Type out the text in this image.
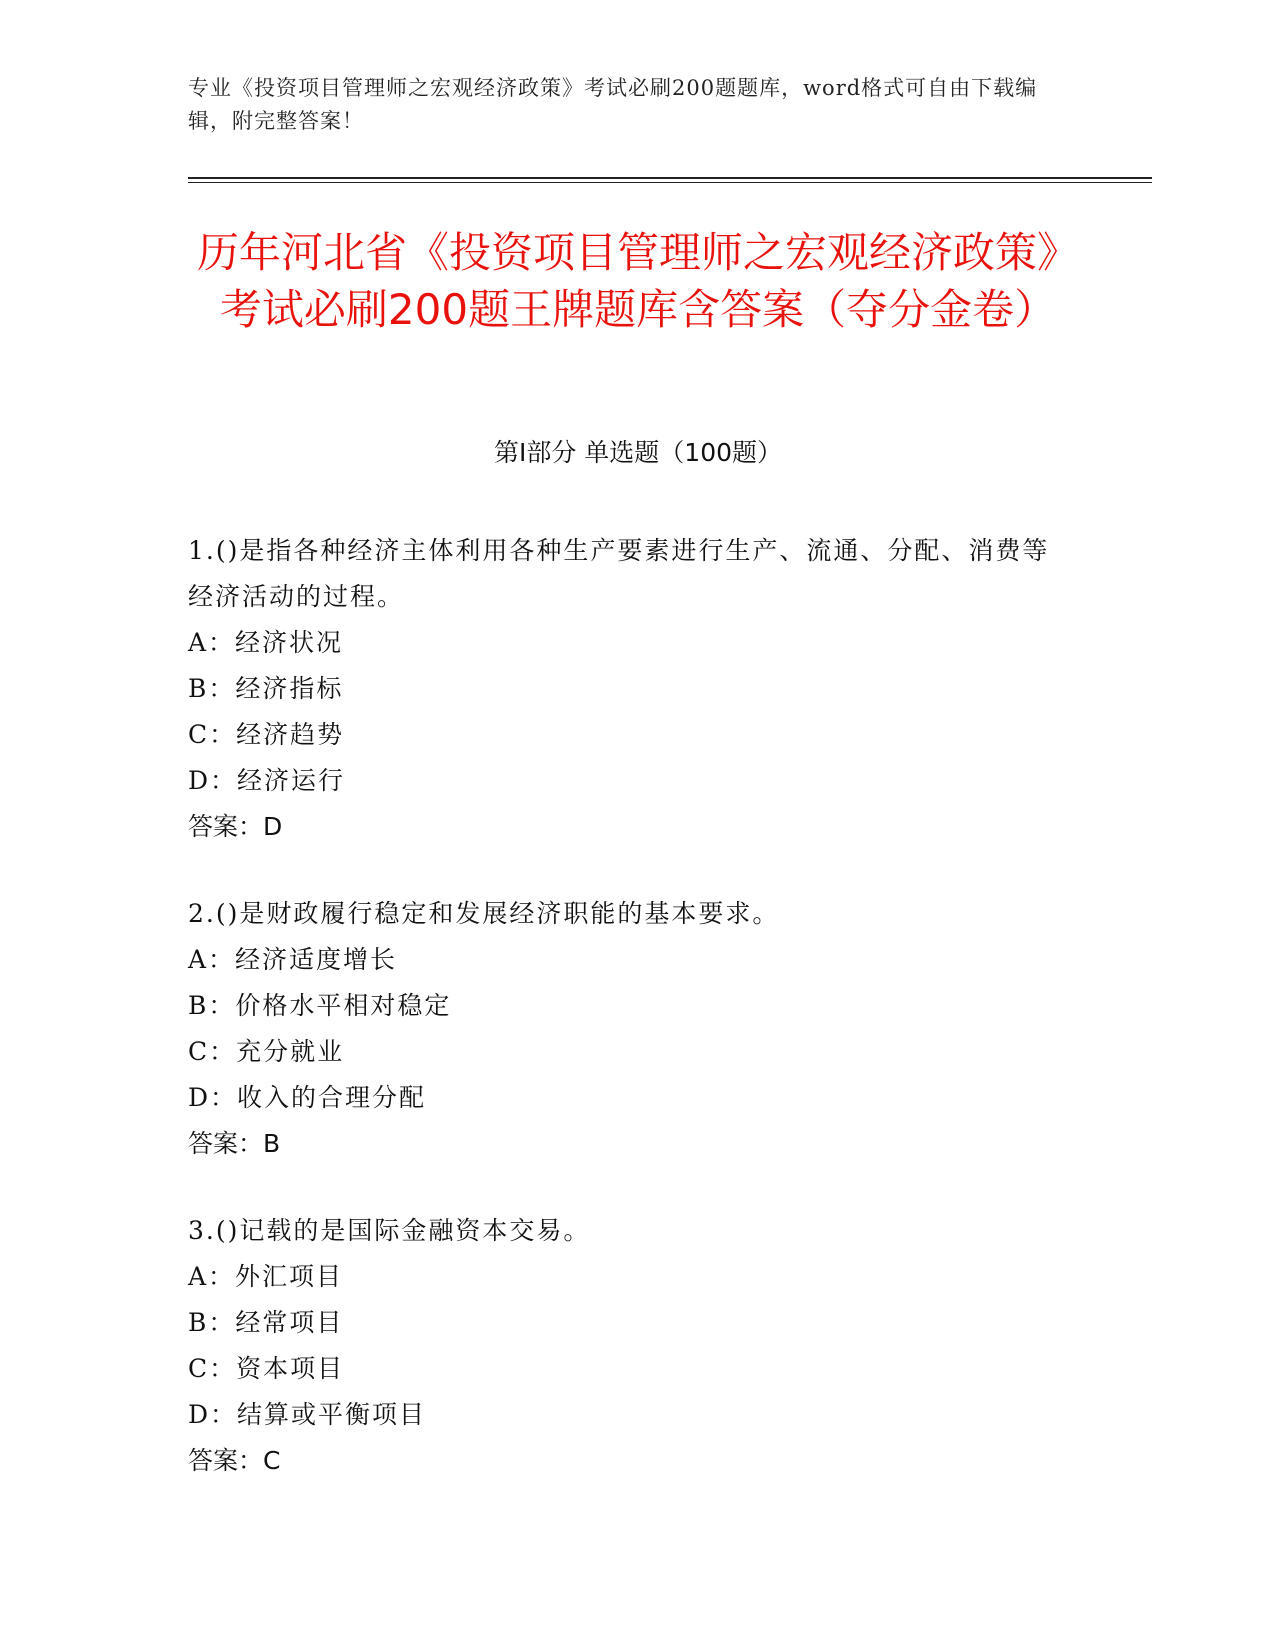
专业《投资项目管理师之宏观经济政策》考试必刷200题题库，word格式可自由下载编辑，附完整答案！
历年河北省《投资项目管理师之宏观经济政策》考试必刷200题王牌题库含答案（夺分金卷）
第Ⅰ部分 单选题（100题）
1.()是指各种经济主体利用各种生产要素进行生产、流通、分配、消费等经济活动的过程。
A：经济状况
B：经济指标
C：经济趋势
D：经济运行
答案：D
2.()是财政履行稳定和发展经济职能的基本要求。
A：经济适度增长
B：价格水平相对稳定
C：充分就业
D：收入的合理分配
答案：B
3.()记载的是国际金融资本交易。
A：外汇项目
B：经常项目
C：资本项目
D：结算或平衡项目
答案：C
